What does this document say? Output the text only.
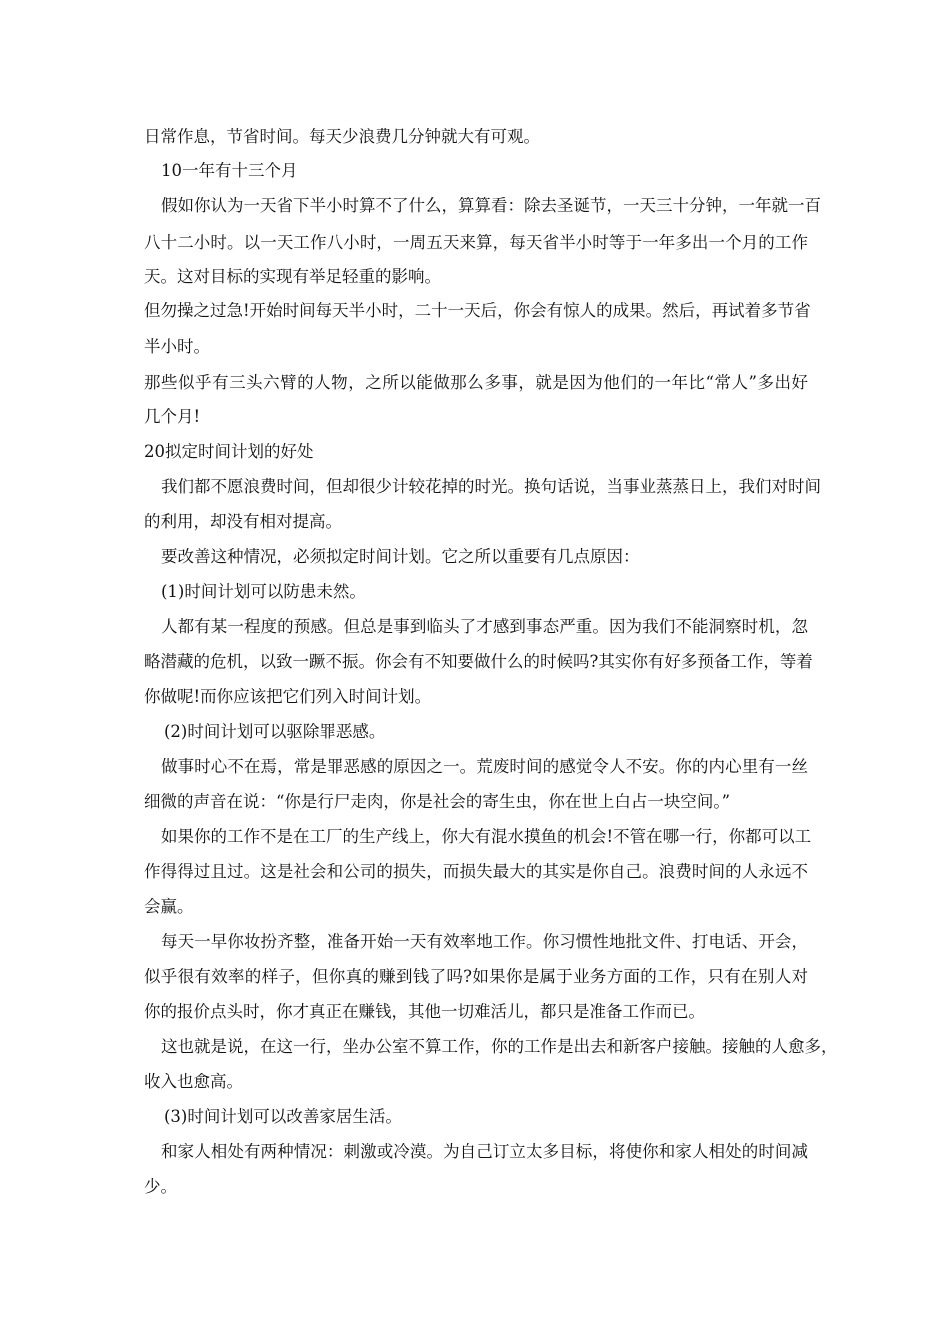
日常作息，节省时间。每天少浪费几分钟就大有可观。
10一年有十三个月
假如你认为一天省下半小时算不了什么，算算看：除去圣诞节，一天三十分钟，一年就一百
八十二小时。以一天工作八小时，一周五天来算，每天省半小时等于一年多出一个月的工作
天。这对目标的实现有举足轻重的影响。
但勿操之过急!开始时间每天半小时，二十一天后，你会有惊人的成果。然后，再试着多节省
半小时。
那些似乎有三头六臂的人物，之所以能做那么多事，就是因为他们的一年比“常人”多出好
几个月!
20拟定时间计划的好处
我们都不愿浪费时间，但却很少计较花掉的时光。换句话说，当事业蒸蒸日上，我们对时间
的利用，却没有相对提高。
要改善这种情况，必须拟定时间计划。它之所以重要有几点原因：
(1)时间计划可以防患未然。
人都有某一程度的预感。但总是事到临头了才感到事态严重。因为我们不能洞察时机，忽
略潜藏的危机，以致一蹶不振。你会有不知要做什么的时候吗?其实你有好多预备工作，等着
你做呢!而你应该把它们列入时间计划。
(2)时间计划可以驱除罪恶感。
做事时心不在焉，常是罪恶感的原因之一。荒废时间的感觉令人不安。你的内心里有一丝
细微的声音在说：“你是行尸走肉，你是社会的寄生虫，你在世上白占一块空间。”
如果你的工作不是在工厂的生产线上，你大有混水摸鱼的机会!不管在哪一行，你都可以工
作得得过且过。这是社会和公司的损失，而损失最大的其实是你自己。浪费时间的人永远不
会赢。
每天一早你妆扮齐整，准备开始一天有效率地工作。你习惯性地批文件、打电话、开会，
似乎很有效率的样子，但你真的赚到钱了吗?如果你是属于业务方面的工作，只有在别人对
你的报价点头时，你才真正在赚钱，其他一切难活儿，都只是准备工作而已。
这也就是说，在这一行，坐办公室不算工作，你的工作是出去和新客户接触。接触的人愈多，
收入也愈高。
(3)时间计划可以改善家居生活。
和家人相处有两种情况：刺激或冷漠。为自己订立太多目标，将使你和家人相处的时间减
少。
